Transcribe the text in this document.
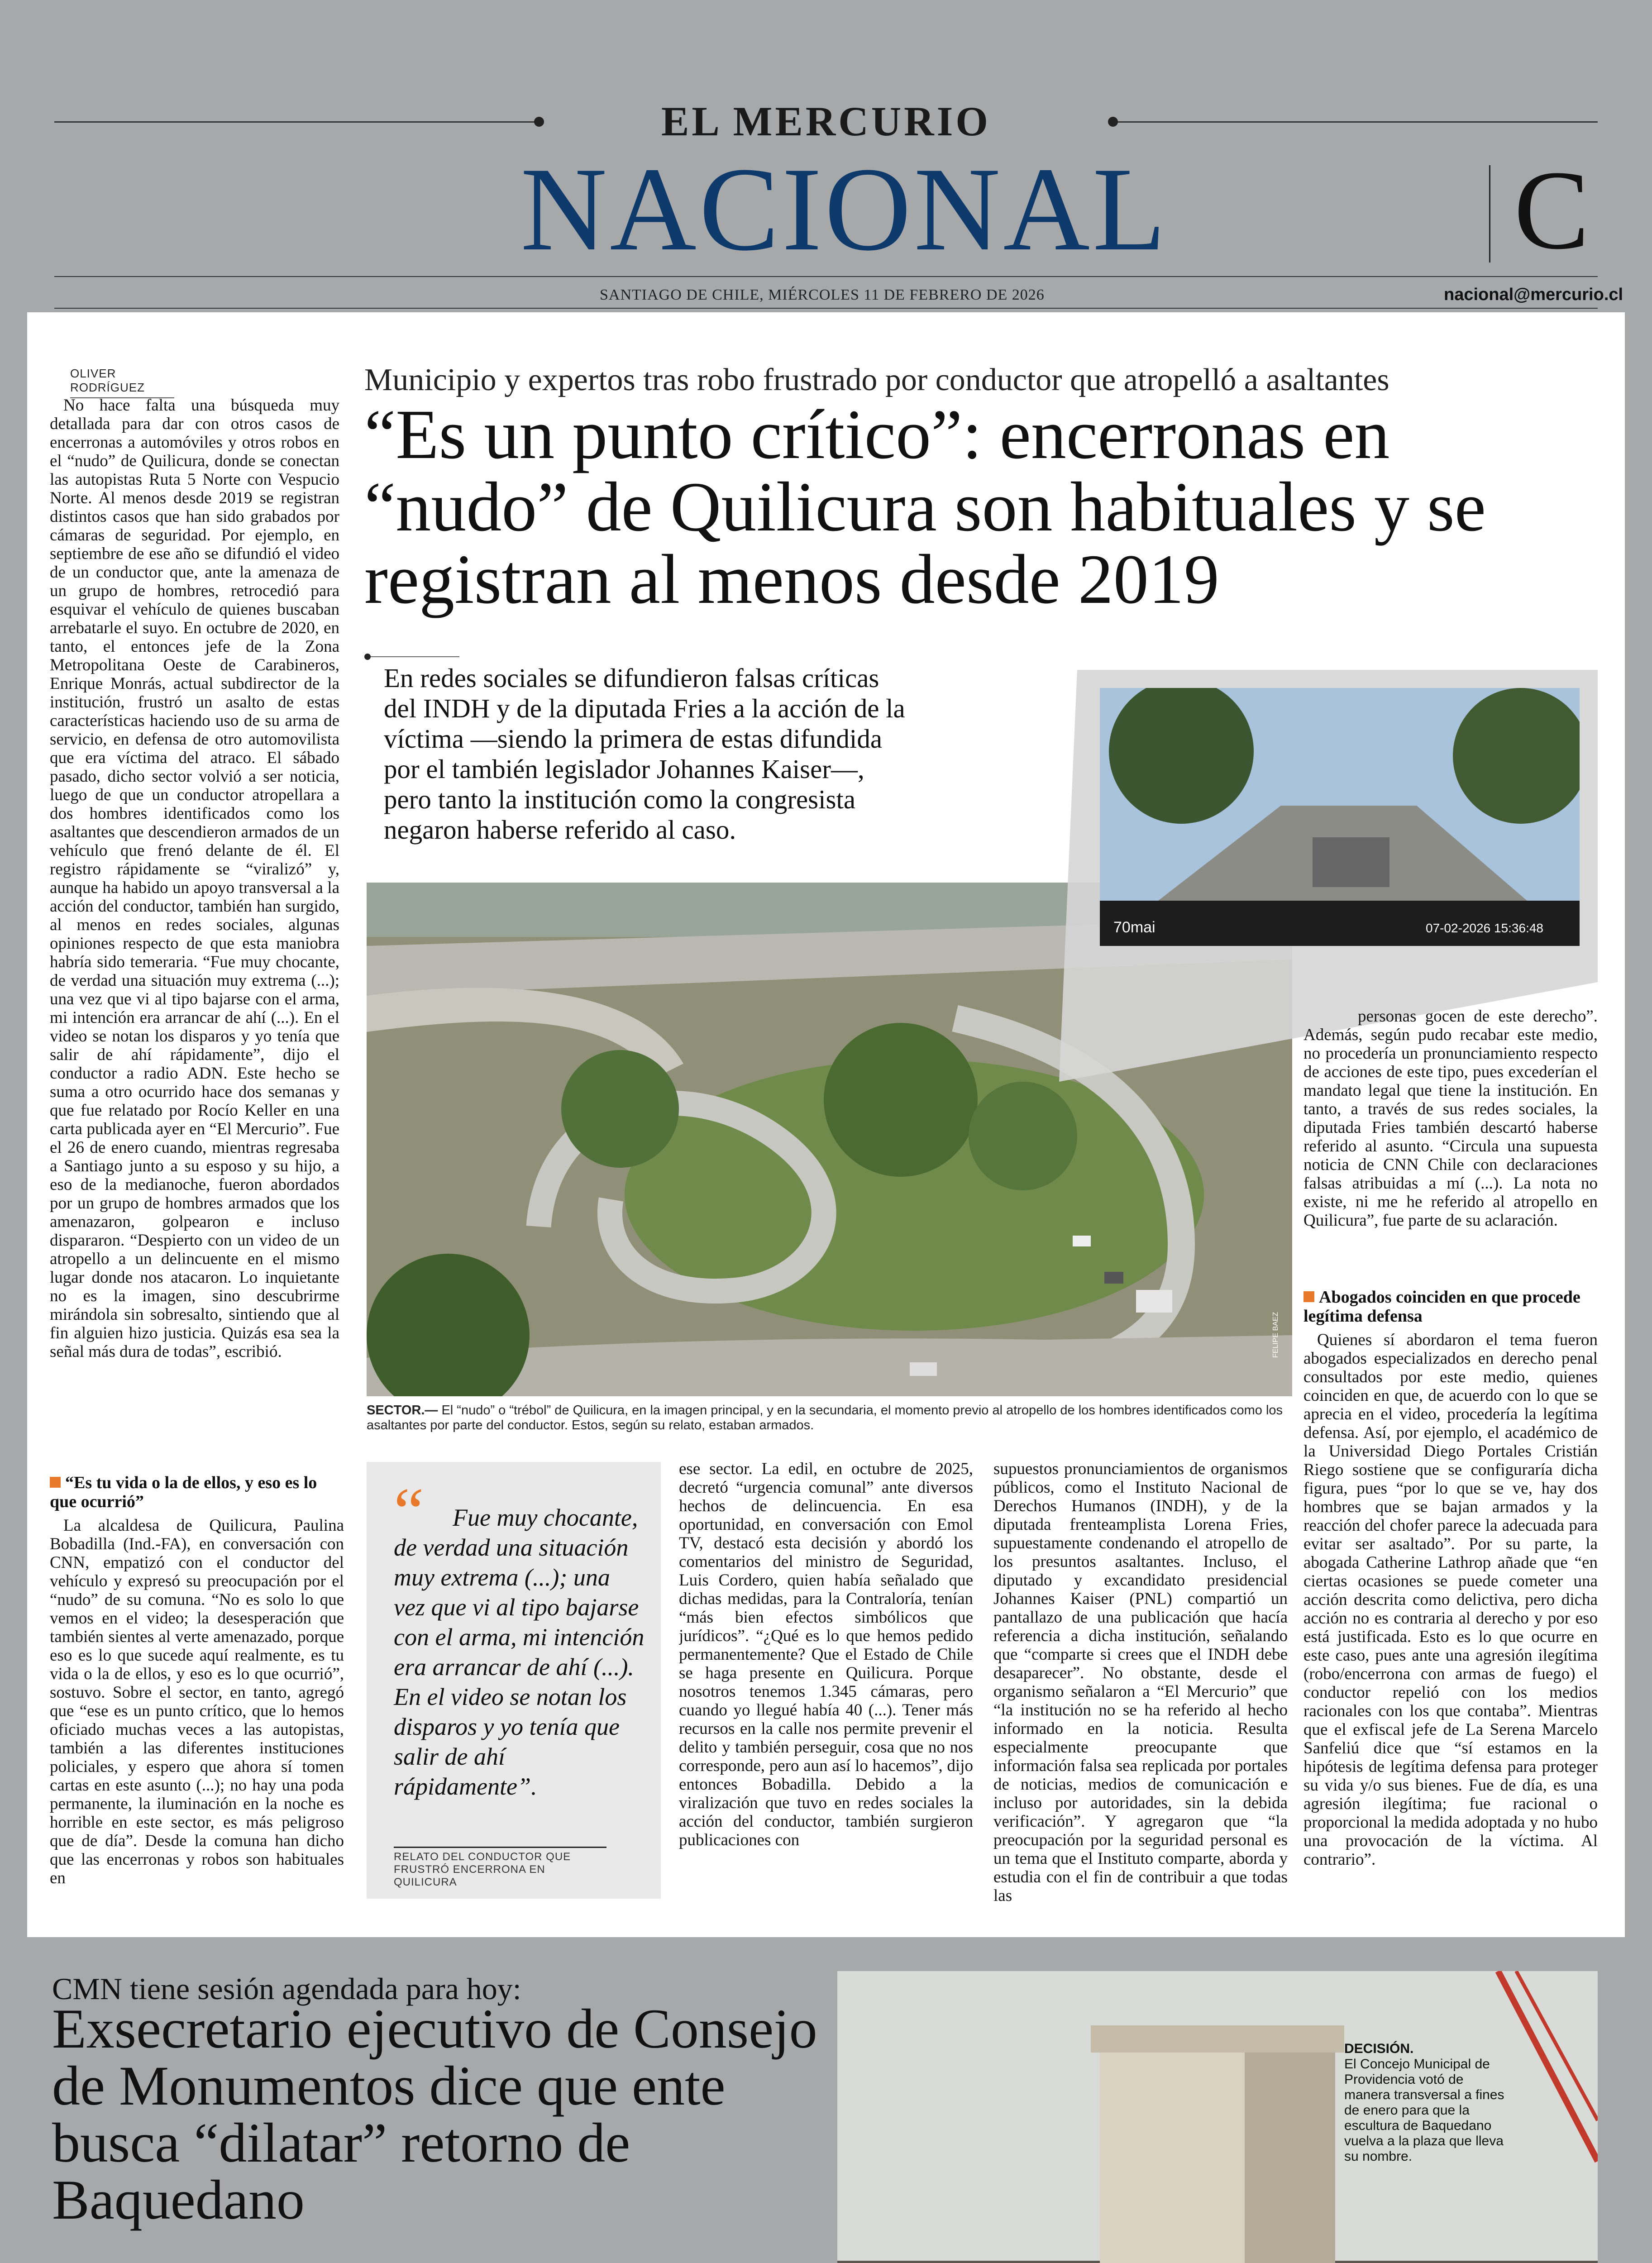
EL MERCURIO
NACIONAL	C
SANTIAGO DE CHILE, MIÉRCOLES 11 DE FEBRERO DE 2026	nacional@mercurio.cl
OLIVER RODRÍGUEZ

No hace falta una búsqueda muy detallada para dar con otros casos de encerronas a automóviles y otros robos en el “nudo” de Quilicura, donde se conectan las autopistas Ruta 5 Norte con Vespucio Norte. Al menos desde 2019 se registran distintos casos que han sido grabados por cámaras de seguridad. Por ejemplo, en septiembre de ese año se difundió el video de un conductor que, ante la amenaza de un grupo de hombres, retrocedió para esquivar el vehículo de quienes buscaban arrebatarle el suyo. En octubre de 2020, en tanto, el entonces jefe de la Zona Metropolitana Oeste de Carabineros, Enrique Monrás, actual subdirector de la institución, frustró un asalto de estas características haciendo uso de su arma de servicio, en defensa de otro automovilista que era víctima del atraco. El sábado pasado, dicho sector volvió a ser noticia, luego de que un conductor atropellara a dos hombres identificados como los asaltantes que descendieron armados de un vehículo que frenó delante de él. El registro rápidamente se “viralizó” y, aunque ha habido un apoyo transversal a la acción del conductor, también han surgido, al menos en redes sociales, algunas opiniones respecto de que esta maniobra habría sido temeraria. “Fue muy chocante, de verdad una situación muy extrema (...); una vez que vi al tipo bajarse con el arma, mi intención era arrancar de ahí (...). En el video se notan los disparos y yo tenía que salir de ahí rápidamente”, dijo el conductor a radio ADN. Este hecho se suma a otro ocurrido hace dos semanas y que fue relatado por Rocío Keller en una carta publicada ayer en “El Mercurio”. Fue el 26 de enero cuando, mientras regresaba a Santiago junto a su esposo y su hijo, a eso de la medianoche, fueron abordados por un grupo de hombres armados que los amenazaron, golpearon e incluso dispararon. “Despierto con un video de un atropello a un delincuente en el mismo lugar donde nos atacaron. Lo inquietante no es la imagen, sino descubrirme mirándola sin sobresalto, sintiendo que al fin alguien hizo justicia. Quizás esa sea la señal más dura de todas”, escribió.

“Es tu vida o la de ellos, y eso es lo que ocurrió”

La alcaldesa de Quilicura, Paulina Bobadilla (Ind.-FA), en conversación con CNN, empatizó con el conductor del vehículo y expresó su preocupación por el “nudo” de su comuna. “No es solo lo que vemos en el video; la desesperación que también sientes al verte amenazado, porque eso es lo que sucede aquí realmente, es tu vida o la de ellos, y eso es lo que ocurrió”, sostuvo. Sobre el sector, en tanto, agregó que “ese es un punto crítico, que lo hemos oficiado muchas veces a las autopistas, también a las diferentes instituciones policiales, y espero que ahora sí tomen cartas en este asunto (...); no hay una poda permanente, la iluminación en la noche es horrible en este sector, es más peligroso que de día”. Desde la comuna han dicho que las encerronas y robos son habituales en

Municipio y expertos tras robo frustrado por conductor que atropelló a asaltantes
“Es un punto crítico”: encerronas en “nudo” de Quilicura son habituales y se registran al menos desde 2019
En redes sociales se difundieron falsas críticas del INDH y de la diputada Fries a la acción de la víctima —siendo la primera de estas difundida por el también legislador Johannes Kaiser—, pero tanto la institución como la congresista negaron haberse referido al caso.
FELIPE BAEZ
70mai	07-02-2026 15:36:48
SECTOR.— El “nudo” o “trébol” de Quilicura, en la imagen principal, y en la secundaria, el momento previo al atropello de los hombres identificados como los asaltantes por parte del conductor. Estos, según su relato, estaban armados.
“	Fue muy chocante, de verdad una situación muy extrema (...); una vez que vi al tipo bajarse con el arma, mi intención era arrancar de ahí (...). En el video se notan los disparos y yo tenía que salir de ahí rápidamente”.
RELATO DEL CONDUCTOR QUE FRUSTRÓ ENCERRONA EN QUILICURA

ese sector. La edil, en octubre de 2025, decretó “urgencia comunal” ante diversos hechos de delincuencia. En esa oportunidad, en conversación con Emol TV, destacó esta decisión y abordó los comentarios del ministro de Seguridad, Luis Cordero, quien había señalado que dichas medidas, para la Contraloría, tenían “más bien efectos simbólicos que jurídicos”. “¿Qué es lo que hemos pedido permanentemente? Que el Estado de Chile se haga presente en Quilicura. Porque nosotros tenemos 1.345 cámaras, pero cuando yo llegué había 40 (...). Tener más recursos en la calle nos permite prevenir el delito y también perseguir, cosa que no nos corresponde, pero aun así lo hacemos”, dijo entonces Bobadilla. Debido a la viralización que tuvo en redes sociales la acción del conductor, también surgieron publicaciones con

supuestos pronunciamientos de organismos públicos, como el Instituto Nacional de Derechos Humanos (INDH), y de la diputada frenteamplista Lorena Fries, supuestamente condenando el atropello de los presuntos asaltantes. Incluso, el diputado y excandidato presidencial Johannes Kaiser (PNL) compartió un pantallazo de una publicación que hacía referencia a dicha institución, señalando que “comparte si crees que el INDH debe desaparecer”. No obstante, desde el organismo señalaron a “El Mercurio” que “la institución no se ha referido al hecho informado en la noticia. Resulta especialmente preocupante que información falsa sea replicada por portales de noticias, medios de comunicación e incluso por autoridades, sin la debida verificación”. Y agregaron que “la preocupación por la seguridad personal es un tema que el Instituto comparte, aborda y estudia con el fin de contribuir a que todas las

personas gocen de este derecho”. Además, según pudo recabar este medio, no procedería un pronunciamiento respecto de acciones de este tipo, pues excederían el mandato legal que tiene la institución. En tanto, a través de sus redes sociales, la diputada Fries también descartó haberse referido al asunto. “Circula una supuesta noticia de CNN Chile con declaraciones falsas atribuidas a mí (...). La nota no existe, ni me he referido al atropello en Quilicura”, fue parte de su aclaración.

Abogados coinciden en que procede legítima defensa

Quienes sí abordaron el tema fueron abogados especializados en derecho penal consultados por este medio, quienes coinciden en que, de acuerdo con lo que se aprecia en el video, procedería la legítima defensa. Así, por ejemplo, el académico de la Universidad Diego Portales Cristián Riego sostiene que se configuraría dicha figura, pues “por lo que se ve, hay dos hombres que se bajan armados y la reacción del chofer parece la adecuada para evitar ser asaltado”. Por su parte, la abogada Catherine Lathrop añade que “en ciertas ocasiones se puede cometer una acción descrita como delictiva, pero dicha acción no es contraria al derecho y por eso está justificada. Esto es lo que ocurre en este caso, pues ante una agresión ilegítima (robo/encerrona con armas de fuego) el conductor repelió con los medios racionales con los que contaba”. Mientras que el exfiscal jefe de La Serena Marcelo Sanfeliú dice que “sí estamos en la hipótesis de legítima defensa para proteger su vida y/o sus bienes. Fue de día, es una agresión ilegítima; fue racional o proporcional la medida adoptada y no hubo una provocación de la víctima. Al contrario”.

CMN tiene sesión agendada para hoy:
Exsecretario ejecutivo de Consejo de Monumentos dice que ente busca “dilatar” retorno de Baquedano
DECISIÓN.
El Concejo Municipal de Providencia votó de manera transversal a fines de enero para que la escultura de Baquedano vuelva a la plaza que lleva su nombre.
